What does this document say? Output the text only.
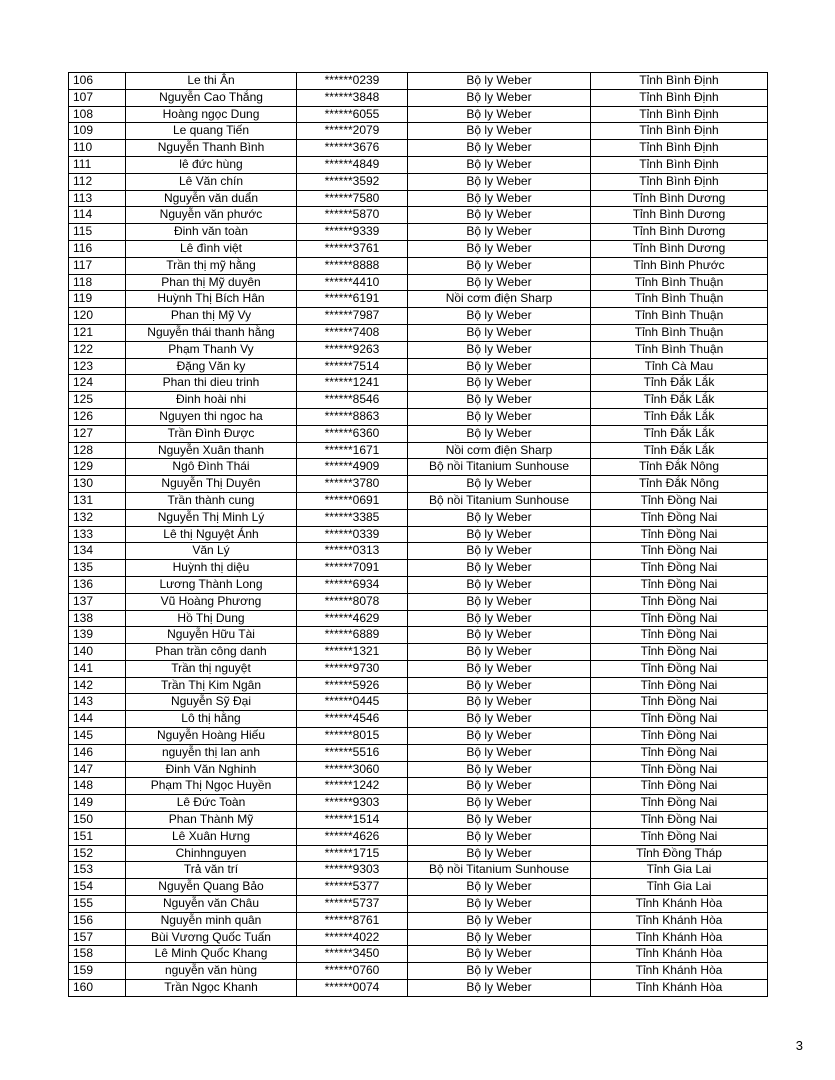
106	Le thi Ân	******0239	Bộ ly Weber	Tỉnh Bình Định
107	Nguyễn Cao Thắng	******3848	Bộ ly Weber	Tỉnh Bình Định
108	Hoàng ngọc Dung	******6055	Bộ ly Weber	Tỉnh Bình Định
109	Le quang Tiến	******2079	Bộ ly Weber	Tỉnh Bình Định
110	Nguyễn Thanh Bình	******3676	Bộ ly Weber	Tỉnh Bình Định
111	lê đức hùng	******4849	Bộ ly Weber	Tỉnh Bình Định
112	Lê Văn chín	******3592	Bộ ly Weber	Tỉnh Bình Định
113	Nguyễn văn duẩn	******7580	Bộ ly Weber	Tỉnh Bình Dương
114	Nguyễn văn phước	******5870	Bộ ly Weber	Tỉnh Bình Dương
115	Đinh văn toàn	******9339	Bộ ly Weber	Tỉnh Bình Dương
116	Lê đình việt	******3761	Bộ ly Weber	Tỉnh Bình Dương
117	Trần thị mỹ hằng	******8888	Bộ ly Weber	Tỉnh Bình Phước
118	Phan thị Mỹ duyên	******4410	Bộ ly Weber	Tỉnh Bình Thuận
119	Huỳnh Thị Bích Hân	******6191	Nồi cơm điện Sharp	Tỉnh Bình Thuận
120	Phan thị Mỹ Vy	******7987	Bộ ly Weber	Tỉnh Bình Thuận
121	Nguyễn thái thanh hằng	******7408	Bộ ly Weber	Tỉnh Bình Thuận
122	Phạm Thanh Vy	******9263	Bộ ly Weber	Tỉnh Bình Thuận
123	Đặng Văn ky	******7514	Bộ ly Weber	Tỉnh Cà Mau
124	Phan thi dieu trinh	******1241	Bộ ly Weber	Tỉnh Đắk Lắk
125	Đinh hoài nhi	******8546	Bộ ly Weber	Tỉnh Đắk Lắk
126	Nguyen thi ngoc ha	******8863	Bộ ly Weber	Tỉnh Đắk Lắk
127	Trần Đình Được	******6360	Bộ ly Weber	Tỉnh Đắk Lắk
128	Nguyễn Xuân thanh	******1671	Nồi cơm điện Sharp	Tỉnh Đắk Lắk
129	Ngô Đình Thái	******4909	Bộ nồi Titanium Sunhouse	Tỉnh Đắk Nông
130	Nguyễn Thị Duyên	******3780	Bộ ly Weber	Tỉnh Đắk Nông
131	Trần thành cung	******0691	Bộ nồi Titanium Sunhouse	Tỉnh Đồng Nai
132	Nguyễn Thị Minh Lý	******3385	Bộ ly Weber	Tỉnh Đồng Nai
133	Lê thị Nguyệt Ánh	******0339	Bộ ly Weber	Tỉnh Đồng Nai
134	Văn Lý	******0313	Bộ ly Weber	Tỉnh Đồng Nai
135	Huỳnh thị diệu	******7091	Bộ ly Weber	Tỉnh Đồng Nai
136	Lương Thành Long	******6934	Bộ ly Weber	Tỉnh Đồng Nai
137	Vũ Hoàng Phương	******8078	Bộ ly Weber	Tỉnh Đồng Nai
138	Hồ Thị Dung	******4629	Bộ ly Weber	Tỉnh Đồng Nai
139	Nguyễn Hữu Tài	******6889	Bộ ly Weber	Tỉnh Đồng Nai
140	Phan trần công danh	******1321	Bộ ly Weber	Tỉnh Đồng Nai
141	Trần thị nguyệt	******9730	Bộ ly Weber	Tỉnh Đồng Nai
142	Trần Thị Kim Ngân	******5926	Bộ ly Weber	Tỉnh Đồng Nai
143	Nguyễn Sỹ Đại	******0445	Bộ ly Weber	Tỉnh Đồng Nai
144	Lô thị hằng	******4546	Bộ ly Weber	Tỉnh Đồng Nai
145	Nguyễn Hoàng Hiếu	******8015	Bộ ly Weber	Tỉnh Đồng Nai
146	nguyễn thị lan anh	******5516	Bộ ly Weber	Tỉnh Đồng Nai
147	Đinh Văn Nghinh	******3060	Bộ ly Weber	Tỉnh Đồng Nai
148	Phạm Thị Ngọc Huyền	******1242	Bộ ly Weber	Tỉnh Đồng Nai
149	Lê Đức Toàn	******9303	Bộ ly Weber	Tỉnh Đồng Nai
150	Phan Thành Mỹ	******1514	Bộ ly Weber	Tỉnh Đồng Nai
151	Lê Xuân Hưng	******4626	Bộ ly Weber	Tỉnh Đồng Nai
152	Chinhnguyen	******1715	Bộ ly Weber	Tỉnh Đồng Tháp
153	Trả văn trí	******9303	Bộ nồi Titanium Sunhouse	Tỉnh Gia Lai
154	Nguyễn Quang Bảo	******5377	Bộ ly Weber	Tỉnh Gia Lai
155	Nguyễn văn Châu	******5737	Bộ ly Weber	Tỉnh Khánh Hòa
156	Nguyễn minh quân	******8761	Bộ ly Weber	Tỉnh Khánh Hòa
157	Bùi Vương Quốc Tuấn	******4022	Bộ ly Weber	Tỉnh Khánh Hòa
158	Lê Minh Quốc Khang	******3450	Bộ ly Weber	Tỉnh Khánh Hòa
159	nguyễn văn hùng	******0760	Bộ ly Weber	Tỉnh Khánh Hòa
160	Trần Ngọc Khanh	******0074	Bộ ly Weber	Tỉnh Khánh Hòa
3
